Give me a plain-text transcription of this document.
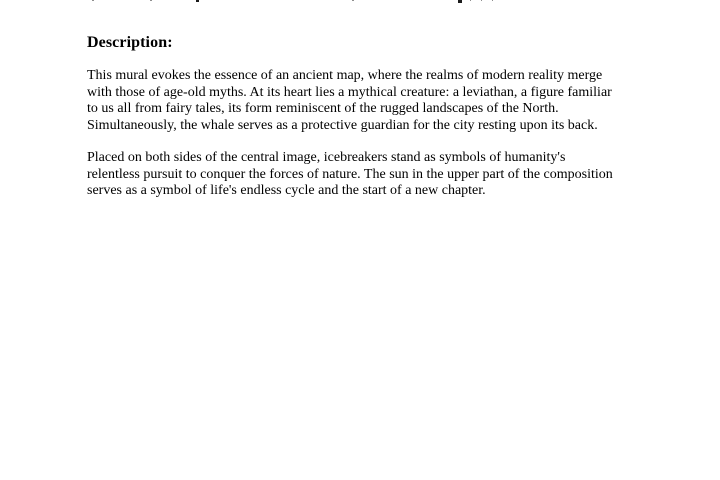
Description:
This mural evokes the essence of an ancient map, where the realms of modern reality merge
with those of age-old myths. At its heart lies a mythical creature: a leviathan, a figure familiar
to us all from fairy tales, its form reminiscent of the rugged landscapes of the North.
Simultaneously, the whale serves as a protective guardian for the city resting upon its back.
Placed on both sides of the central image, icebreakers stand as symbols of humanity's
relentless pursuit to conquer the forces of nature. The sun in the upper part of the composition
serves as a symbol of life's endless cycle and the start of a new chapter.
